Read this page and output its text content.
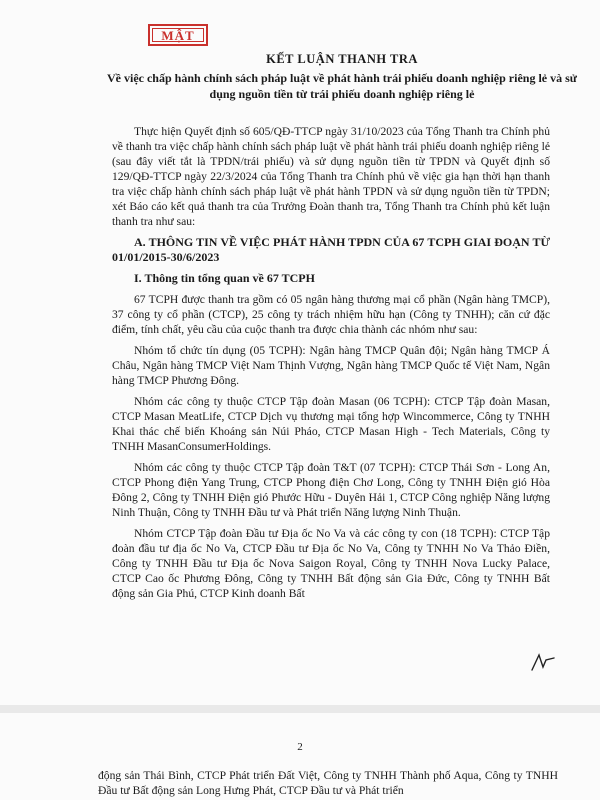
MẬT
KẾT LUẬN THANH TRA
Về việc chấp hành chính sách pháp luật về phát hành trái phiếu doanh nghiệp riêng lẻ và sử dụng nguồn tiền từ trái phiếu doanh nghiệp riêng lẻ

Thực hiện Quyết định số 605/QĐ-TTCP ngày 31/10/2023 của Tổng Thanh tra Chính phủ về thanh tra việc chấp hành chính sách pháp luật về phát hành trái phiếu doanh nghiệp riêng lẻ (sau đây viết tắt là TPDN/trái phiếu) và sử dụng nguồn tiền từ TPDN và Quyết định số 129/QĐ-TTCP ngày 22/3/2024 của Tổng Thanh tra Chính phủ về việc gia hạn thời hạn thanh tra việc chấp hành chính sách pháp luật về phát hành TPDN và sử dụng nguồn tiền từ TPDN; xét Báo cáo kết quả thanh tra của Trưởng Đoàn thanh tra, Tổng Thanh tra Chính phủ kết luận thanh tra như sau:

A. THÔNG TIN VỀ VIỆC PHÁT HÀNH TPDN CỦA 67 TCPH GIAI ĐOẠN TỪ 01/01/2015-30/6/2023

I. Thông tin tổng quan về 67 TCPH

67 TCPH được thanh tra gồm có 05 ngân hàng thương mại cổ phần (Ngân hàng TMCP), 37 công ty cổ phần (CTCP), 25 công ty trách nhiệm hữu hạn (Công ty TNHH); căn cứ đặc điểm, tính chất, yêu cầu của cuộc thanh tra được chia thành các nhóm như sau:

Nhóm tổ chức tín dụng (05 TCPH): Ngân hàng TMCP Quân đội; Ngân hàng TMCP Á Châu, Ngân hàng TMCP Việt Nam Thịnh Vượng, Ngân hàng TMCP Quốc tế Việt Nam, Ngân hàng TMCP Phương Đông.

Nhóm các công ty thuộc CTCP Tập đoàn Masan (06 TCPH): CTCP Tập đoàn Masan, CTCP Masan MeatLife, CTCP Dịch vụ thương mại tổng hợp Wincommerce, Công ty TNHH Khai thác chế biến Khoáng sản Núi Pháo, CTCP Masan High - Tech Materials, Công ty TNHH MasanConsumerHoldings.

Nhóm các công ty thuộc CTCP Tập đoàn T&T (07 TCPH): CTCP Thái Sơn - Long An, CTCP Phong điện Yang Trung, CTCP Phong điện Chơ Long, Công ty TNHH Điện gió Hòa Đông 2, Công ty TNHH Điện gió Phước Hữu - Duyên Hải 1, CTCP Công nghiệp Năng lượng Ninh Thuận, Công ty TNHH Đầu tư và Phát triển Năng lượng Ninh Thuận.

Nhóm CTCP Tập đoàn Đầu tư Địa ốc No Va và các công ty con (18 TCPH): CTCP Tập đoàn đầu tư địa ốc No Va, CTCP Đầu tư Địa ốc No Va, Công ty TNHH No Va Thảo Điền, Công ty TNHH Đầu tư Địa ốc Nova Saigon Royal, Công ty TNHH Nova Lucky Palace, CTCP Cao ốc Phương Đông, Công ty TNHH Bất động sản Gia Đức, Công ty TNHH Bất động sản Gia Phú, CTCP Kinh doanh Bất

2

động sản Thái Bình, CTCP Phát triển Đất Việt, Công ty TNHH Thành phố Aqua, Công ty TNHH Đầu tư Bất động sản Long Hưng Phát, CTCP Đầu tư và Phát triển
